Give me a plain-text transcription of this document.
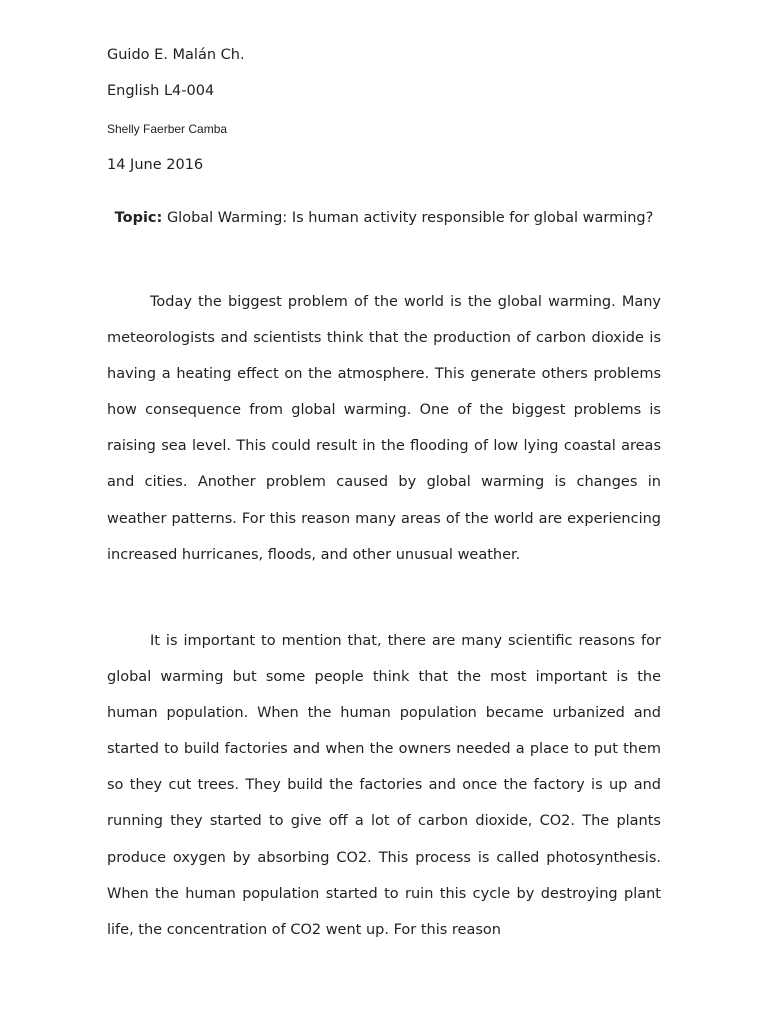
Guido E. Malán Ch.
English L4-004
Shelly Faerber Camba
14 June 2016
Topic: Global Warming: Is human activity responsible for global warming?

Today the biggest problem of the world is the global warming. Many meteorologists and scientists think that the production of carbon dioxide is having a heating effect on the atmosphere. This generate others problems how consequence from global warming. One of the biggest problems is raising sea level. This could result in the flooding of low lying coastal areas and cities. Another problem caused by global warming is changes in weather patterns. For this reason many areas of the world are experiencing increased hurricanes, floods, and other unusual weather.

It is important to mention that, there are many scientific reasons for global warming but some people think that the most important is the human population. When the human population became urbanized and started to build factories and when the owners needed a place to put them so they cut trees. They build the factories and once the factory is up and running they started to give off a lot of carbon dioxide, CO2. The plants produce oxygen by absorbing CO2. This process is called photosynthesis. When the human population started to ruin this cycle by destroying plant life, the concentration of CO2 went up. For this reason
